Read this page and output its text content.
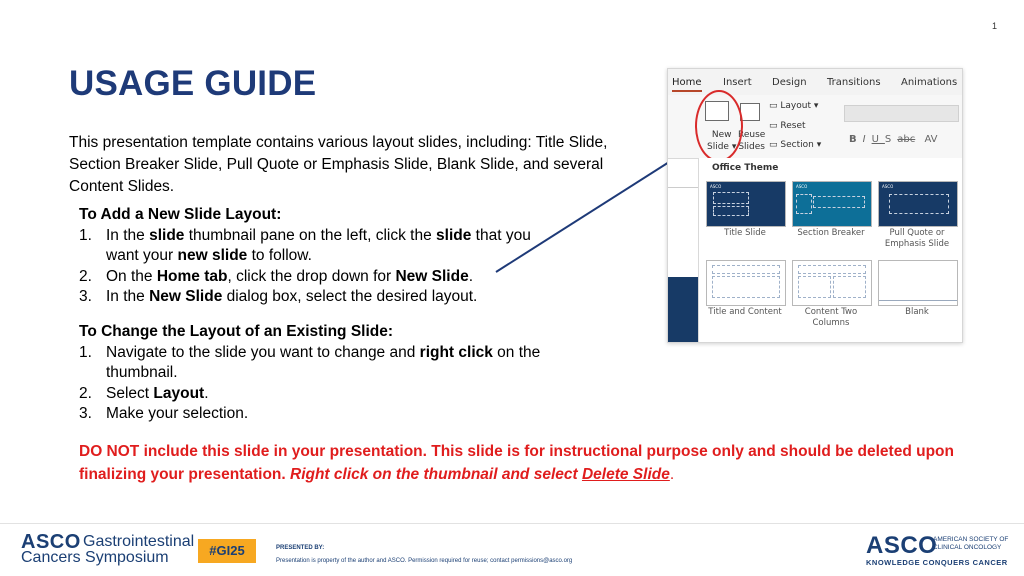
1
USAGE GUIDE
This presentation template contains various layout slides, including: Title Slide, Section Breaker Slide, Pull Quote or Emphasis Slide, Blank Slide, and several Content Slides.
To Add a New Slide Layout:
1. In the slide thumbnail pane on the left, click the slide that you want your new slide to follow.
2. On the Home tab, click the drop down for New Slide.
3. In the New Slide dialog box, select the desired layout.
To Change the Layout of an Existing Slide:
1. Navigate to the slide you want to change and right click on the thumbnail.
2. Select Layout.
3. Make your selection.
DO NOT include this slide in your presentation. This slide is for instructional purpose only and should be deleted upon finalizing your presentation. Right click on the thumbnail and select Delete Slide.
Home Insert Design Transitions Animations
New
Slide ▾
Reuse
Slides
▭ Layout ▾
▭ Reset
▭ Section ▾	BIUSabc AV
Office Theme
ASCO
Title Slide
ASCO
Section Breaker
ASCO
Pull Quote or Emphasis Slide
Title and Content	Content Two Columns
Blank
ASCO Gastrointestinal
Cancers Symposium	#GI25	PRESENTED BY:
Presentation is property of the author and ASCO. Permission required for reuse; contact permissions@asco.org
ASCO
AMERICAN SOCIETY OF
CLINICAL ONCOLOGY
KNOWLEDGE CONQUERS CANCER
